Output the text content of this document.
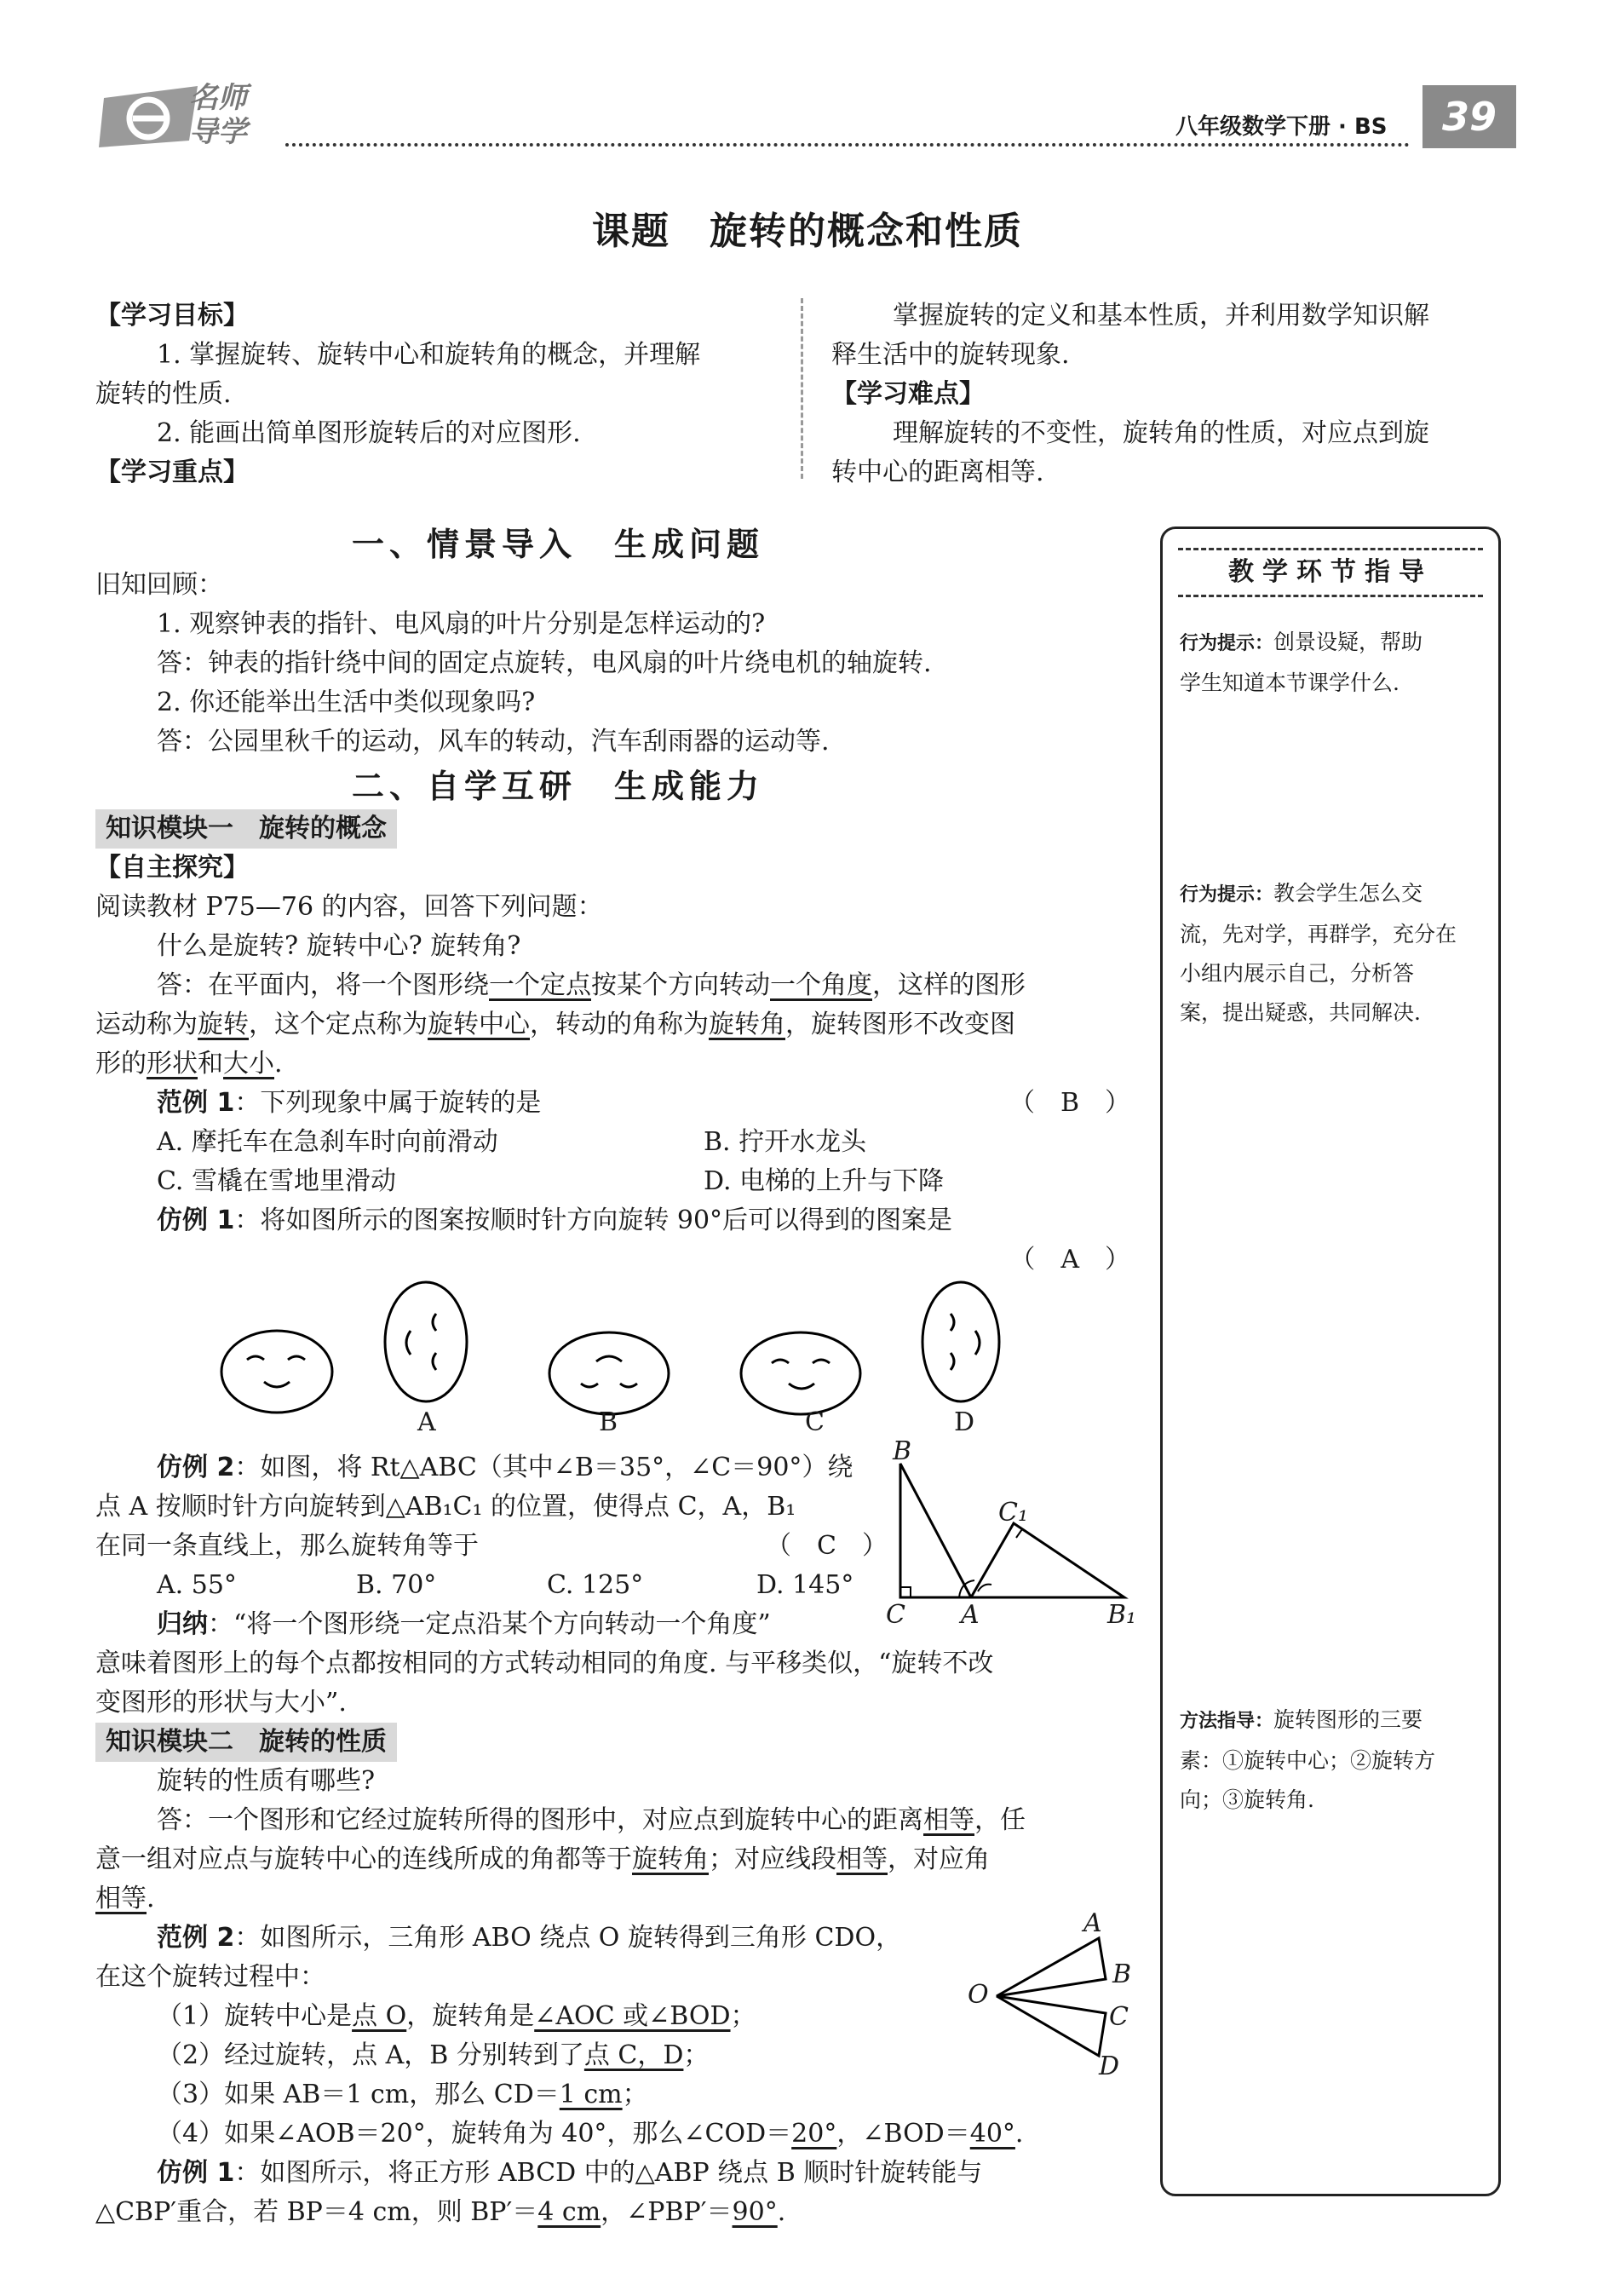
名师导学	八年级数学下册 · BS	39
课题　旋转的概念和性质
【学习目标】
1. 掌握旋转、旋转中心和旋转角的概念，并理解
旋转的性质.
2. 能画出简单图形旋转后的对应图形.
【学习重点】
掌握旋转的定义和基本性质，并利用数学知识解
释生活中的旋转现象.
【学习难点】
理解旋转的不变性，旋转角的性质，对应点到旋
转中心的距离相等.
一、情景导入　生成问题

旧知回顾：

1. 观察钟表的指针、电风扇的叶片分别是怎样运动的?

答：钟表的指针绕中间的固定点旋转，电风扇的叶片绕电机的轴旋转.

2. 你还能举出生活中类似现象吗?

答：公园里秋千的运动，风车的转动，汽车刮雨器的运动等.

二、自学互研　生成能力

知识模块一　旋转的概念

【自主探究】

阅读教材 P75—76 的内容，回答下列问题：

什么是旋转? 旋转中心? 旋转角?

答：在平面内，将一个图形绕一个定点按某个方向转动一个角度，这样的图形

运动称为旋转，这个定点称为旋转中心，转动的角称为旋转角，旋转图形不改变图

形的形状和大小.

范例 1：下列现象中属于旋转的是	（　B　）

A. 摩托车在急刹车时向前滑动	B. 拧开水龙头

C. 雪橇在雪地里滑动	D. 电梯的上升与下降

仿例 1：将如图所示的图案按顺时针方向旋转 90°后可以得到的图案是

（　A　）

A	B	C	D

仿例 2：如图，将 Rt△ABC（其中∠B＝35°，∠C＝90°）绕

点 A 按顺时针方向旋转到△AB₁C₁ 的位置，使得点 C，A，B₁

在同一条直线上，那么旋转角等于	（　C　）

A. 55°	B. 70°	C. 125°	D. 145°

B
C₁
C A	B₁

归纳：“将一个图形绕一定点沿某个方向转动一个角度”

意味着图形上的每个点都按相同的方式转动相同的角度. 与平移类似，“旋转不改

变图形的形状与大小”.

知识模块二　旋转的性质

旋转的性质有哪些?

答：一个图形和它经过旋转所得的图形中，对应点到旋转中心的距离相等，任

意一组对应点与旋转中心的连线所成的角都等于旋转角；对应线段相等，对应角

相等.

范例 2：如图所示，三角形 ABO 绕点 O 旋转得到三角形 CDO，

在这个旋转过程中：

（1）旋转中心是点 O，旋转角是∠AOC 或∠BOD；

（2）经过旋转，点 A，B 分别转到了点 C，D；

（3）如果 AB＝1 cm，那么 CD＝1 cm；

（4）如果∠AOB＝20°，旋转角为 40°，那么∠COD＝20°，∠BOD＝40°.

仿例 1：如图所示，将正方形 ABCD 中的△ABP 绕点 B 顺时针旋转能与

△CBP′重合，若 BP＝4 cm，则 BP′＝4 cm，∠PBP′＝90°.

O
A
B
C
D
教学环节指导
行为提示：创景设疑，帮助
学生知道本节课学什么.
行为提示：教会学生怎么交
流，先对学，再群学，充分在
小组内展示自己，分析答
案，提出疑惑，共同解决.
方法指导：旋转图形的三要
素：①旋转中心；②旋转方
向；③旋转角.
